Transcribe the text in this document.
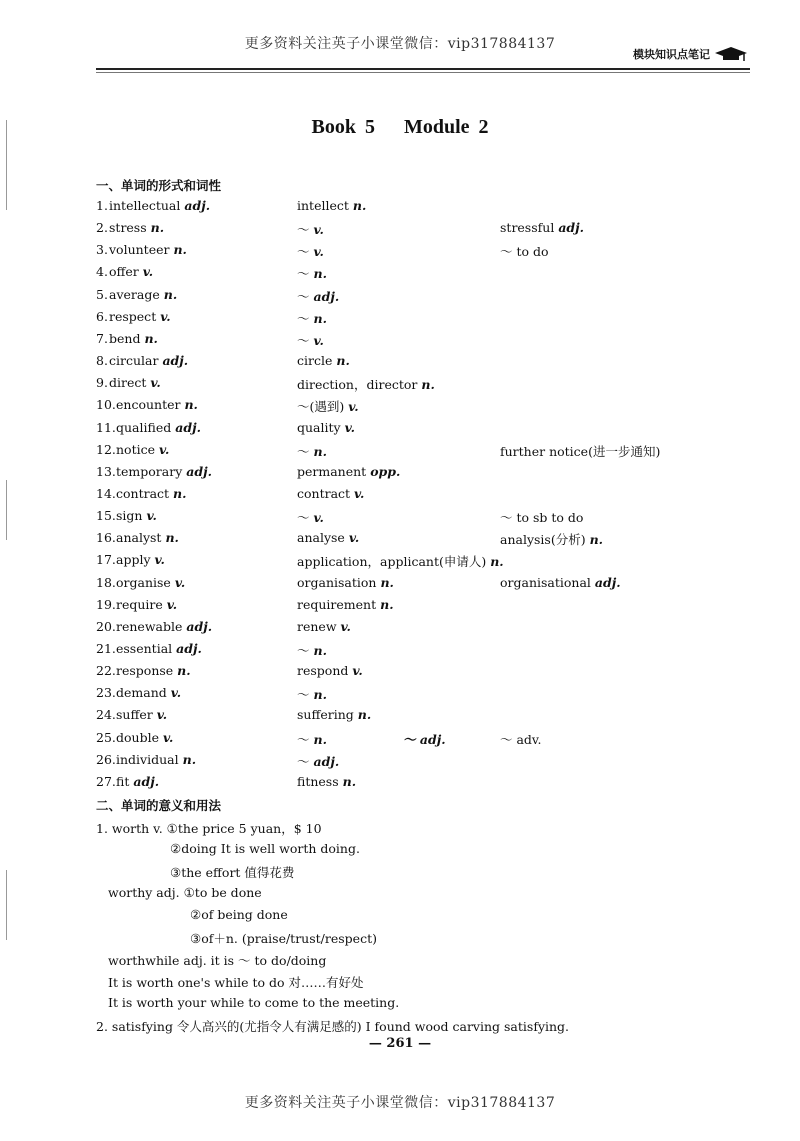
更多资料关注英子小课堂微信：vip317884137
模块知识点笔记
Book 5 Module 2
一、单词的形式和词性
1. intellectual adj.	intellect n.
2. stress n.	～ v.	stressful adj.
3. volunteer n.	～ v.	～ to do
4. offer v.	～ n.
5. average n.	～ adj.
6. respect v.	～ n.
7. bend n.	～ v.
8. circular adj.	circle n.
9. direct v.	direction，director n.
10. encounter n.	～(遇到) v.
11. qualified adj.	quality v.
12. notice v.	～ n.	further notice(进一步通知)
13. temporary adj.	permanent opp.
14. contract n.	contract v.
15. sign v.	～ v.	～ to sb to do
16. analyst n.	analyse v.	analysis(分析) n.
17. apply v.	application，applicant(申请人) n.
18. organise v.	organisation n.	organisational adj.
19. require v.	requirement n.
20. renewable adj.	renew v.
21. essential adj.	～ n.
22. response n.	respond v.
23. demand v.	～ n.
24. suffer v.	suffering n.
25. double v.	～ n.	～ adj.	～ adv.
26. individual n.	～ adj.
27. fit adj.	fitness n.
二、单词的意义和用法
1. worth v. ①the price 5 yuan，$ 10
②doing It is well worth doing.
③the effort 值得花费
worthy adj. ①to be done
②of being done
③of＋n. (praise/trust/respect)
worthwhile adj. it is ～ to do/doing
It is worth one's while to do 对……有好处
It is worth your while to come to the meeting.
2. satisfying 令人高兴的(尤指令人有满足感的) I found wood carving satisfying.
— 261 —
更多资料关注英子小课堂微信：vip317884137
